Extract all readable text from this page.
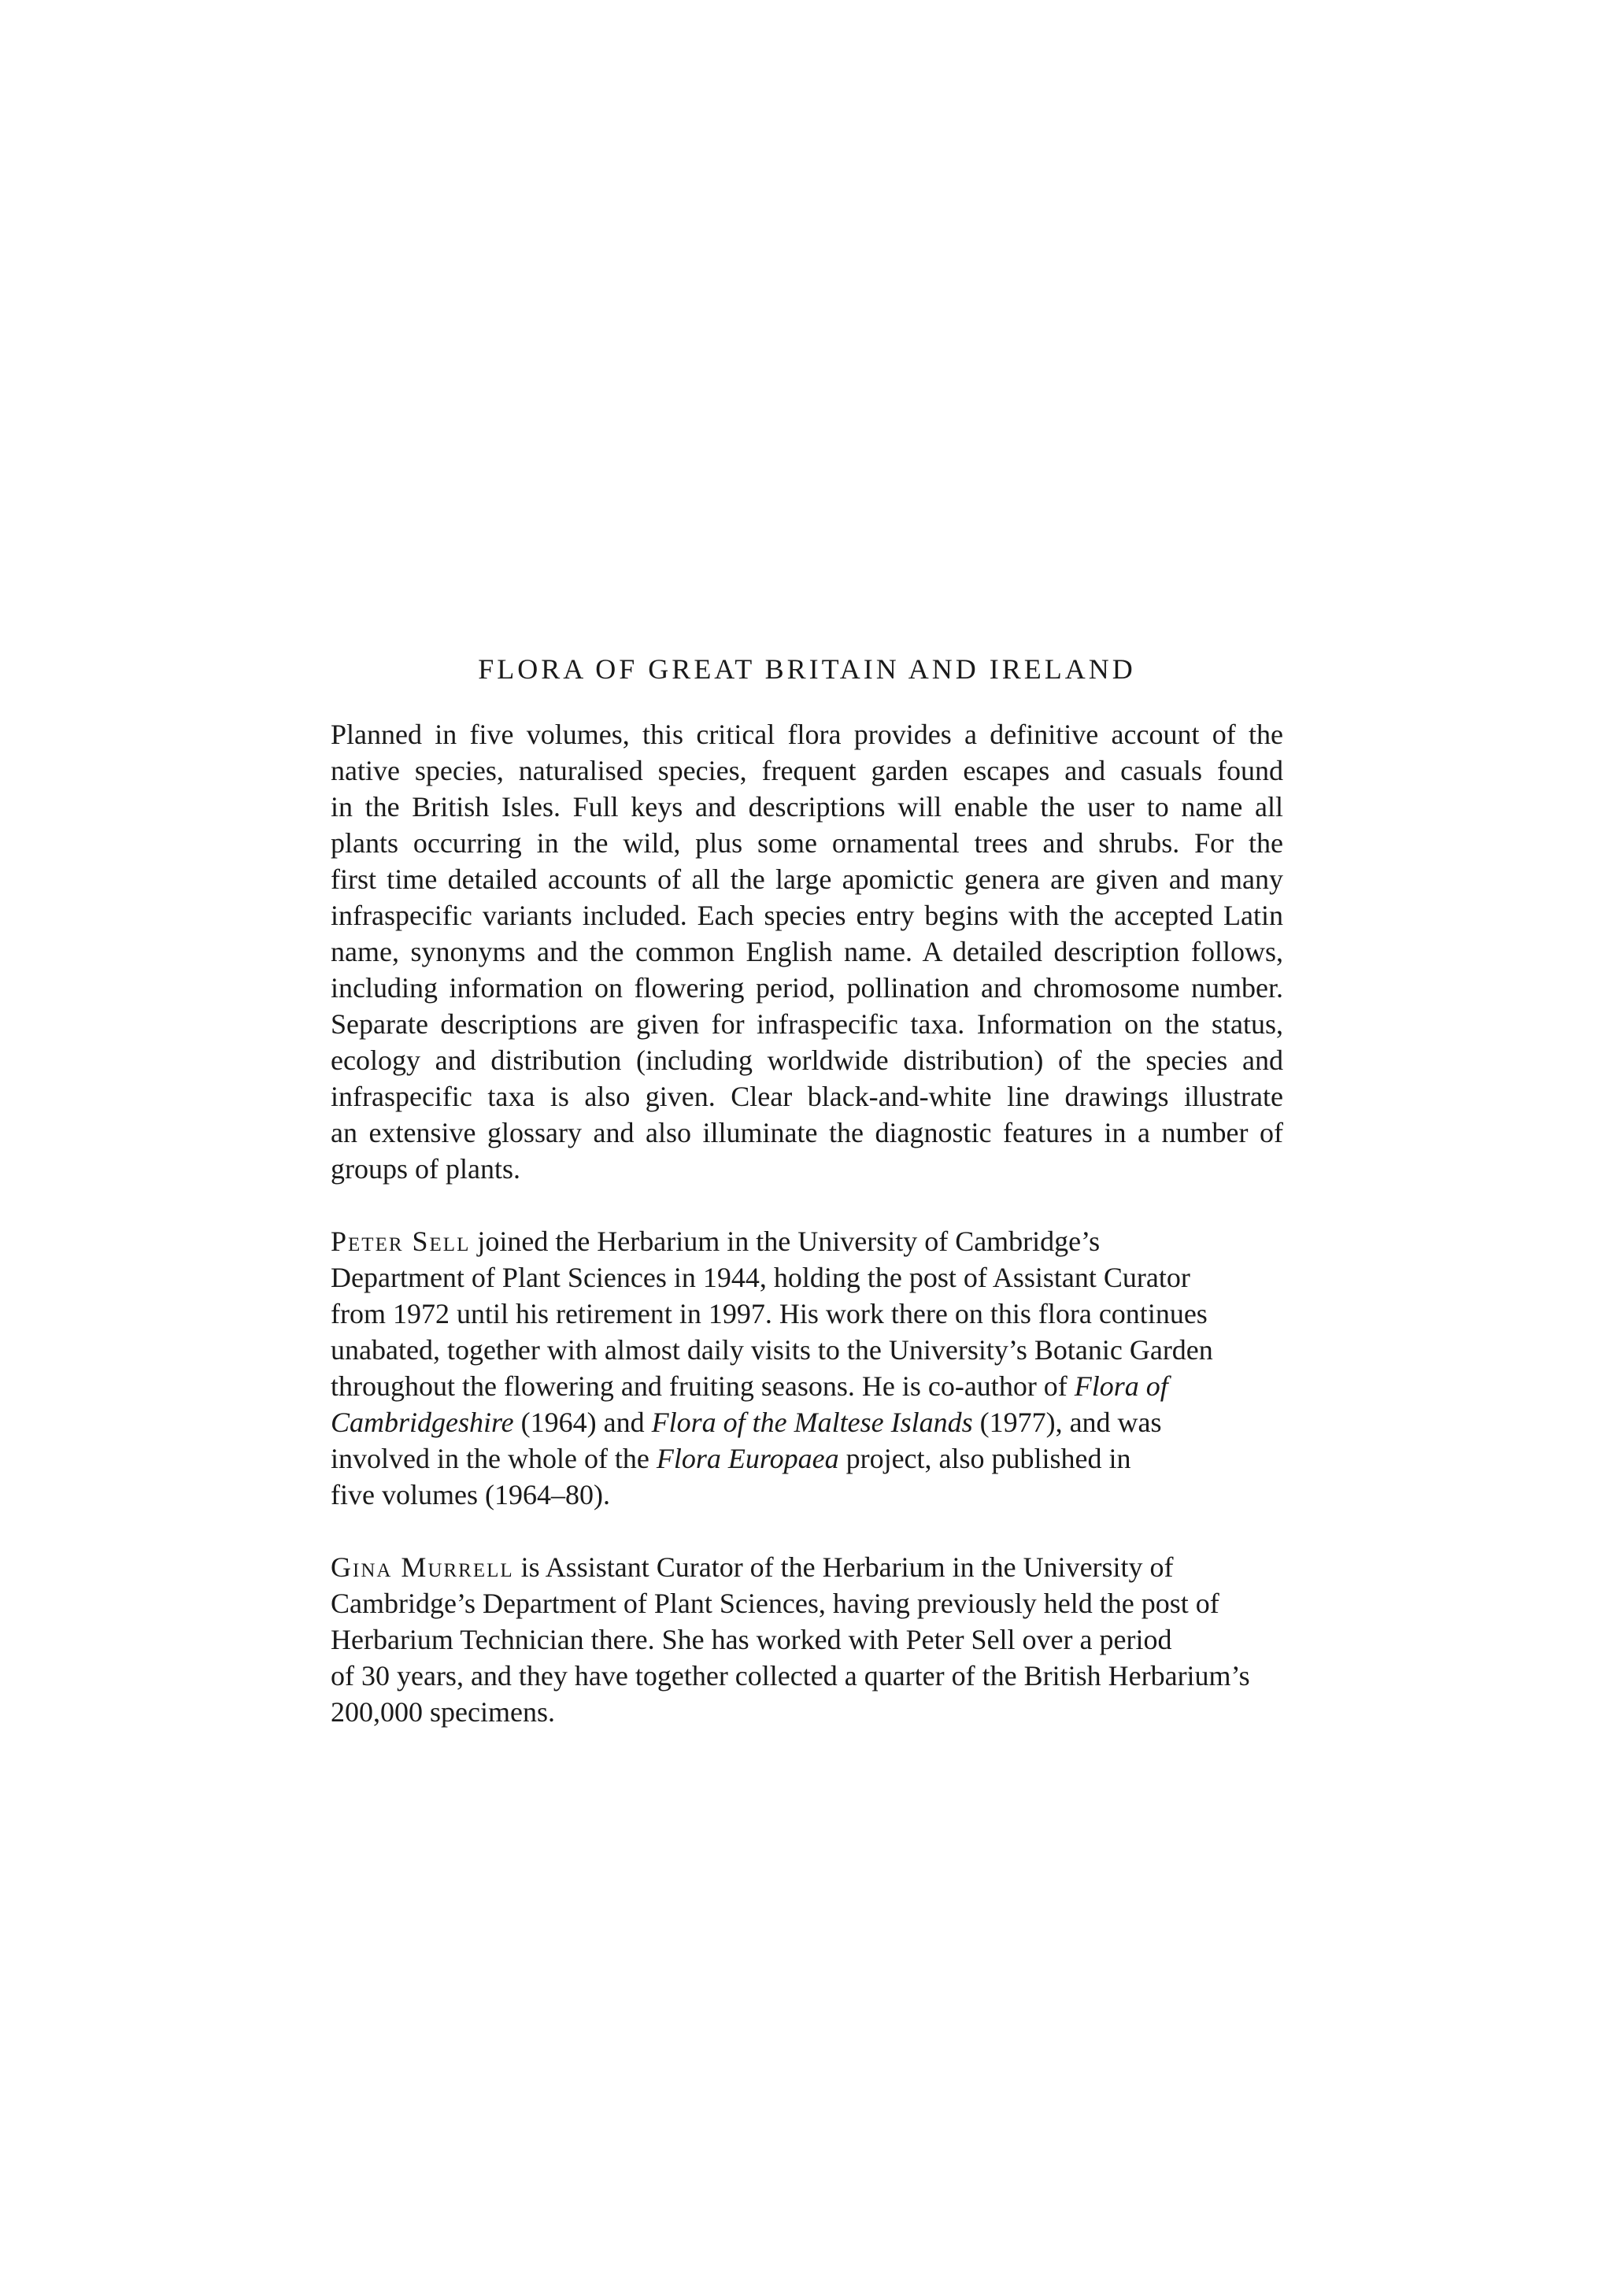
FLORA OF GREAT BRITAIN AND IRELAND
Planned in five volumes, this critical flora provides a definitive account of the
native species, naturalised species, frequent garden escapes and casuals found
in the British Isles. Full keys and descriptions will enable the user to name all
plants occurring in the wild, plus some ornamental trees and shrubs. For the
first time detailed accounts of all the large apomictic genera are given and many
infraspecific variants included. Each species entry begins with the accepted Latin
name, synonyms and the common English name. A detailed description follows,
including information on flowering period, pollination and chromosome number.
Separate descriptions are given for infraspecific taxa. Information on the status,
ecology and distribution (including worldwide distribution) of the species and
infraspecific taxa is also given. Clear black-and-white line drawings illustrate
an extensive glossary and also illuminate the diagnostic features in a number of
groups of plants.
Peter Sell joined the Herbarium in the University of Cambridge’s
Department of Plant Sciences in 1944, holding the post of Assistant Curator
from 1972 until his retirement in 1997. His work there on this flora continues
unabated, together with almost daily visits to the University’s Botanic Garden
throughout the flowering and fruiting seasons. He is co-author of Flora of
Cambridgeshire (1964) and Flora of the Maltese Islands (1977), and was
involved in the whole of the Flora Europaea project, also published in
five volumes (1964–80).
Gina Murrell is Assistant Curator of the Herbarium in the University of
Cambridge’s Department of Plant Sciences, having previously held the post of
Herbarium Technician there. She has worked with Peter Sell over a period
of 30 years, and they have together collected a quarter of the British Herbarium’s
200,000 specimens.
